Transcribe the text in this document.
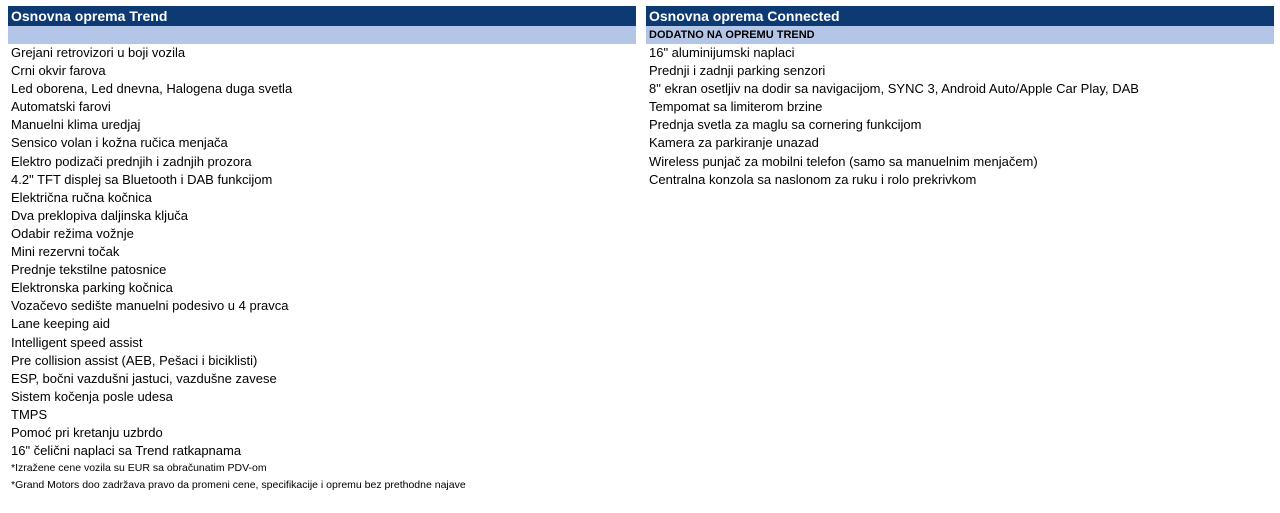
Osnovna oprema Trend
Grejani retrovizori u boji vozila
Crni okvir farova
Led oborena, Led dnevna, Halogena duga svetla
Automatski farovi
Manuelni klima uredjaj
Sensico volan i kožna ručica menjača
Elektro podizači prednjih i zadnjih prozora
4.2" TFT displej sa Bluetooth i DAB funkcijom
Električna ručna kočnica
Dva preklopiva daljinska ključa
Odabir režima vožnje
Mini rezervni točak
Prednje tekstilne patosnice
Elektronska parking kočnica
Vozačevo sedište manuelni podesivo u 4 pravca
Lane keeping aid
Intelligent speed assist
Pre collision assist (AEB, Pešaci i biciklisti)
ESP, bočni vazdušni jastuci, vazdušne zavese
Sistem kočenja posle udesa
TMPS
Pomoć pri kretanju uzbrdo
16" čelični naplaci sa Trend ratkapnama
*Izražene cene vozila su EUR sa obračunatim PDV-om
*Grand Motors doo zadržava pravo da promeni cene, specifikacije i opremu bez prethodne najave
Osnovna oprema Connected
DODATNO NA OPREMU TREND
16" aluminijumski naplaci
Prednji i zadnji parking senzori
8" ekran osetljiv na dodir sa navigacijom, SYNC 3, Android Auto/Apple Car Play, DAB
Tempomat sa limiterom brzine
Prednja svetla za maglu sa cornering funkcijom
Kamera za parkiranje unazad
Wireless punjač za mobilni telefon (samo sa manuelnim menjačem)
Centralna konzola sa naslonom za ruku i rolo prekrivkom
